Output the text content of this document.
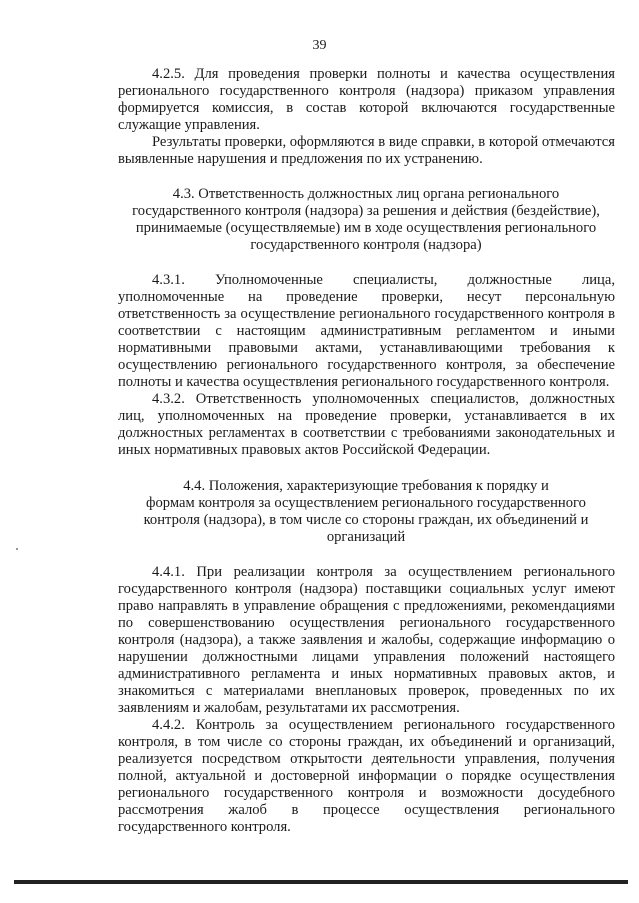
39

4.2.5. Для проведения проверки полноты и качества осуществления регионального государственного контроля (надзора) приказом управления формируется комиссия, в состав которой включаются государственные служащие управления.

Результаты проверки, оформляются в виде справки, в которой отмечаются выявленные нарушения и предложения по их устранению.

4.3. Ответственность должностных лиц органа регионального

государственного контроля (надзора) за решения и действия (бездействие),

принимаемые (осуществляемые) им в ходе осуществления регионального

государственного контроля (надзора)

4.3.1. Уполномоченные специалисты, должностные лица, уполномоченные на проведение проверки, несут персональную ответственность за осуществление регионального государственного контроля в соответствии с настоящим административным регламентом и иными нормативными правовыми актами, устанавливающими требования к осуществлению регионального государственного контроля, за обеспечение полноты и качества осуществления регионального государственного контроля.

4.3.2. Ответственность уполномоченных специалистов, должностных лиц, уполномоченных на проведение проверки, устанавливается в их должностных регламентах в соответствии с требованиями законодательных и иных нормативных правовых актов Российской Федерации.

4.4. Положения, характеризующие требования к порядку и

формам контроля за осуществлением регионального государственного

контроля (надзора), в том числе со стороны граждан, их объединений и

организаций

4.4.1. При реализации контроля за осуществлением регионального государственного контроля (надзора) поставщики социальных услуг имеют право направлять в управление обращения с предложениями, рекомендациями по совершенствованию осуществления регионального государственного контроля (надзора), а также заявления и жалобы, содержащие информацию о нарушении должностными лицами управления положений настоящего административного регламента и иных нормативных правовых актов, и знакомиться с материалами внеплановых проверок, проведенных по их заявлениям и жалобам, результатами их рассмотрения.

4.4.2. Контроль за осуществлением регионального государственного контроля, в том числе со стороны граждан, их объединений и организаций, реализуется посредством открытости деятельности управления, получения полной, актуальной и достоверной информации о порядке осуществления регионального государственного контроля и возможности досудебного рассмотрения жалоб в процессе осуществления регионального государственного контроля.
